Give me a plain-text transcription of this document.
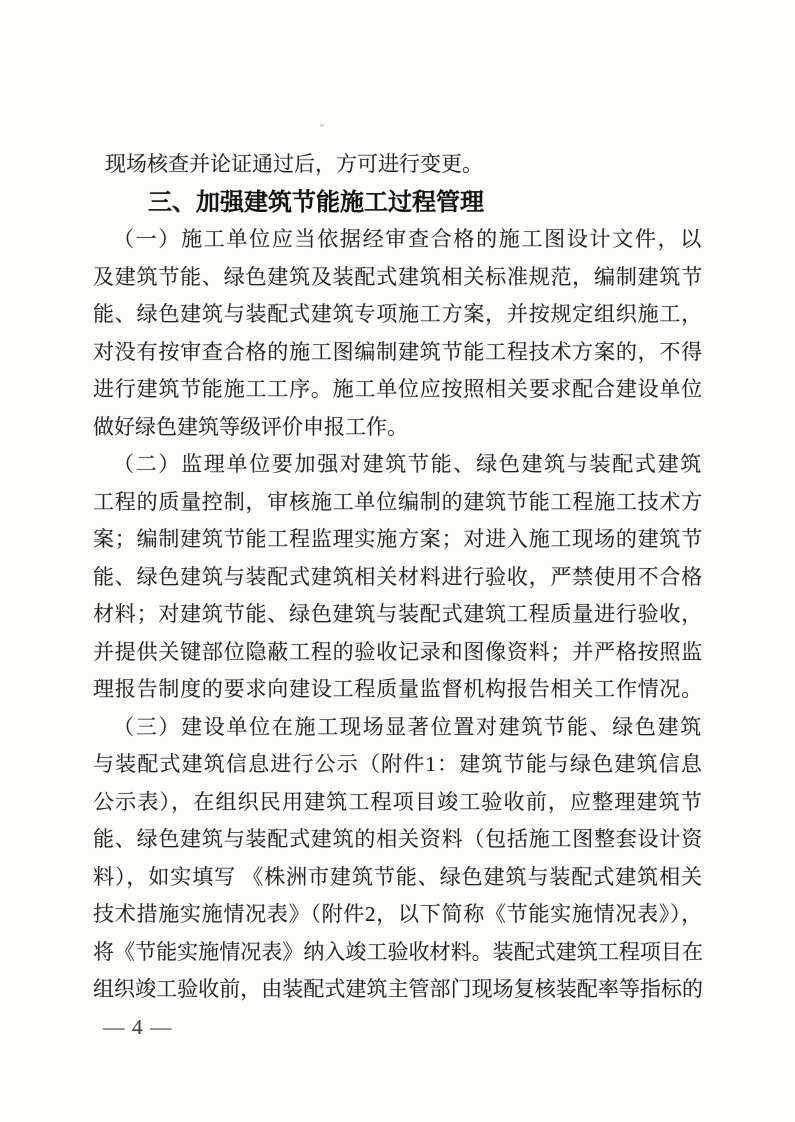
现场核查并论证通过后，方可进行变更。
三、加强建筑节能施工过程管理
（一）施工单位应当依据经审查合格的施工图设计文件，以
及建筑节能、绿色建筑及装配式建筑相关标准规范，编制建筑节
能、绿色建筑与装配式建筑专项施工方案，并按规定组织施工，
对没有按审查合格的施工图编制建筑节能工程技术方案的，不得
进行建筑节能施工工序。施工单位应按照相关要求配合建设单位
做好绿色建筑等级评价申报工作。
（二）监理单位要加强对建筑节能、绿色建筑与装配式建筑
工程的质量控制，审核施工单位编制的建筑节能工程施工技术方
案；编制建筑节能工程监理实施方案；对进入施工现场的建筑节
能、绿色建筑与装配式建筑相关材料进行验收，严禁使用不合格
材料；对建筑节能、绿色建筑与装配式建筑工程质量进行验收，
并提供关键部位隐蔽工程的验收记录和图像资料；并严格按照监
理报告制度的要求向建设工程质量监督机构报告相关工作情况。
（三）建设单位在施工现场显著位置对建筑节能、绿色建筑
与装配式建筑信息进行公示（附件1：建筑节能与绿色建筑信息
公示表），在组织民用建筑工程项目竣工验收前，应整理建筑节
能、绿色建筑与装配式建筑的相关资料（包括施工图整套设计资
料），如实填写 《株洲市建筑节能、绿色建筑与装配式建筑相关
技术措施实施情况表》（附件2，以下简称《节能实施情况表》），
将《节能实施情况表》纳入竣工验收材料。装配式建筑工程项目在
组织竣工验收前，由装配式建筑主管部门现场复核装配率等指标的
— 4 —
